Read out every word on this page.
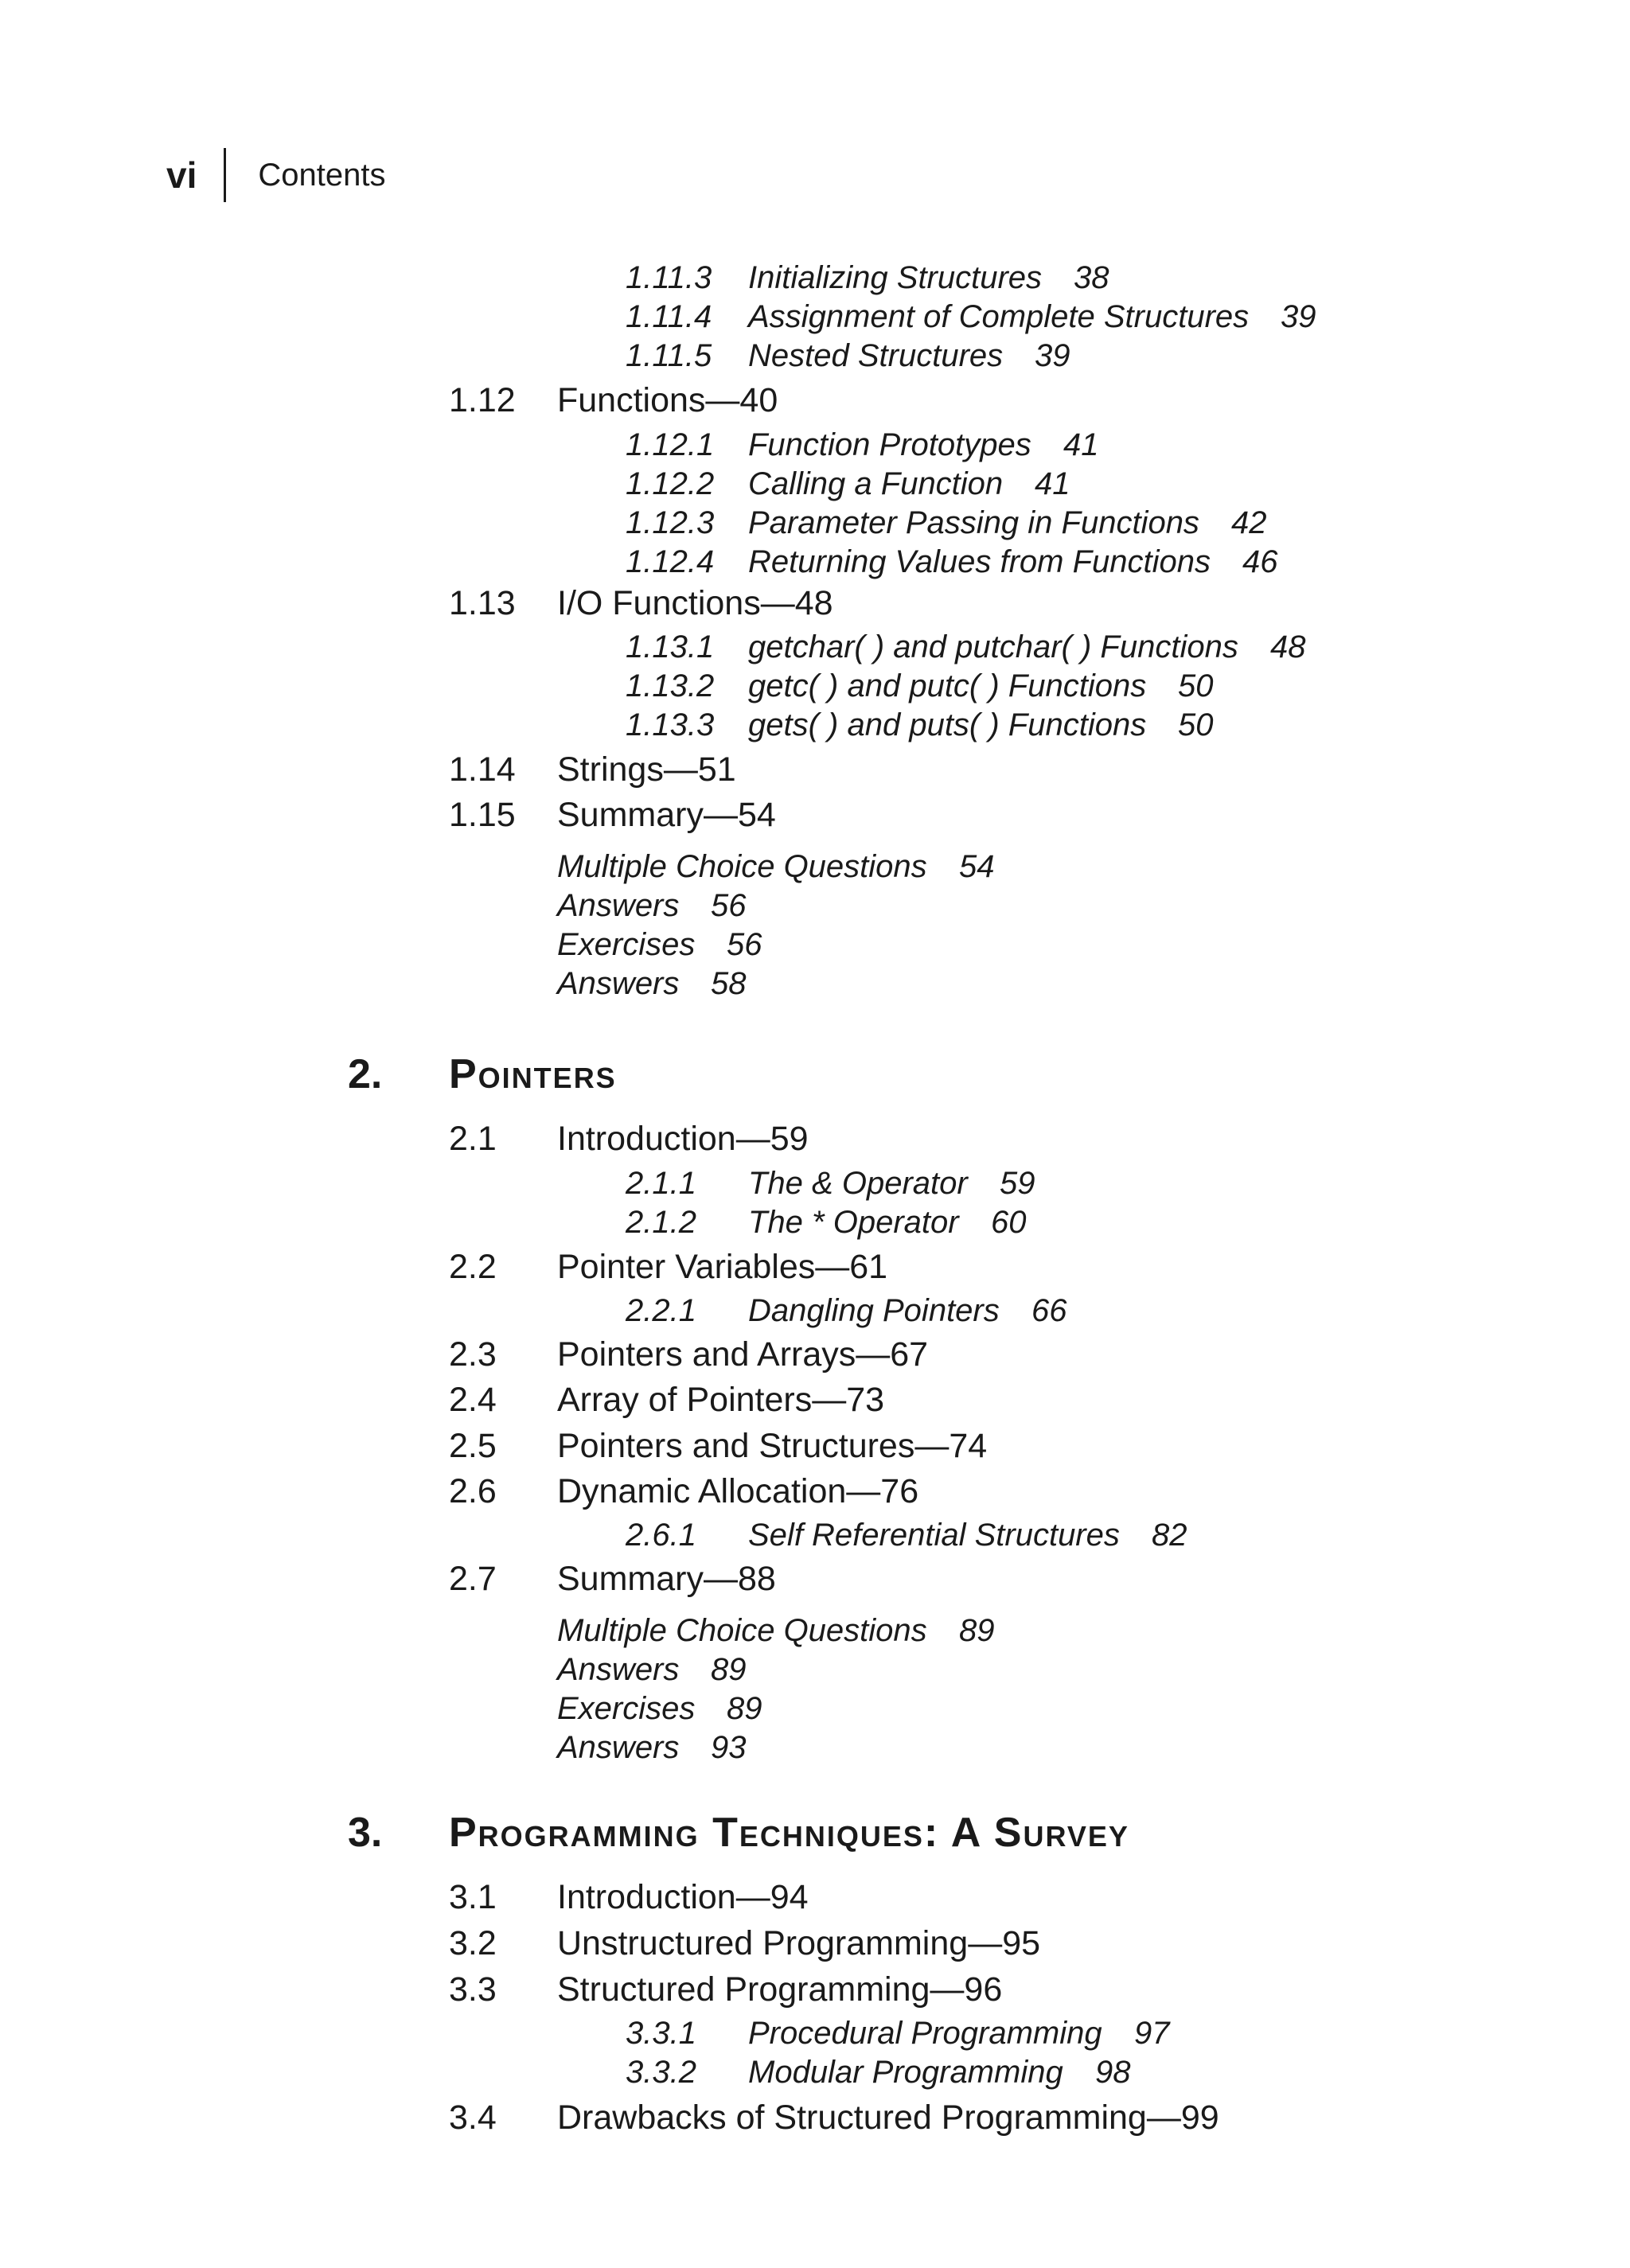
vi Contents
1.11.3 Initializing Structures 38
1.11.4 Assignment of Complete Structures 39
1.11.5 Nested Structures 39
1.12 Functions—40
1.12.1 Function Prototypes 41
1.12.2 Calling a Function 41
1.12.3 Parameter Passing in Functions 42
1.12.4 Returning Values from Functions 46
1.13 I/O Functions—48
1.13.1 getchar( ) and putchar( ) Functions 48
1.13.2 getc( ) and putc( ) Functions 50
1.13.3 gets( ) and puts( ) Functions 50
1.14 Strings—51
1.15 Summary—54
Multiple Choice Questions 54
Answers 56
Exercises 56
Answers 58
2. Pointers
2.1 Introduction—59
2.1.1 The & Operator 59
2.1.2 The * Operator 60
2.2 Pointer Variables—61
2.2.1 Dangling Pointers 66
2.3 Pointers and Arrays—67
2.4 Array of Pointers—73
2.5 Pointers and Structures—74
2.6 Dynamic Allocation—76
2.6.1 Self Referential Structures 82
2.7 Summary—88
Multiple Choice Questions 89
Answers 89
Exercises 89
Answers 93
3. Programming Techniques: A Survey
3.1 Introduction—94
3.2 Unstructured Programming—95
3.3 Structured Programming—96
3.3.1 Procedural Programming 97
3.3.2 Modular Programming 98
3.4 Drawbacks of Structured Programming—99
